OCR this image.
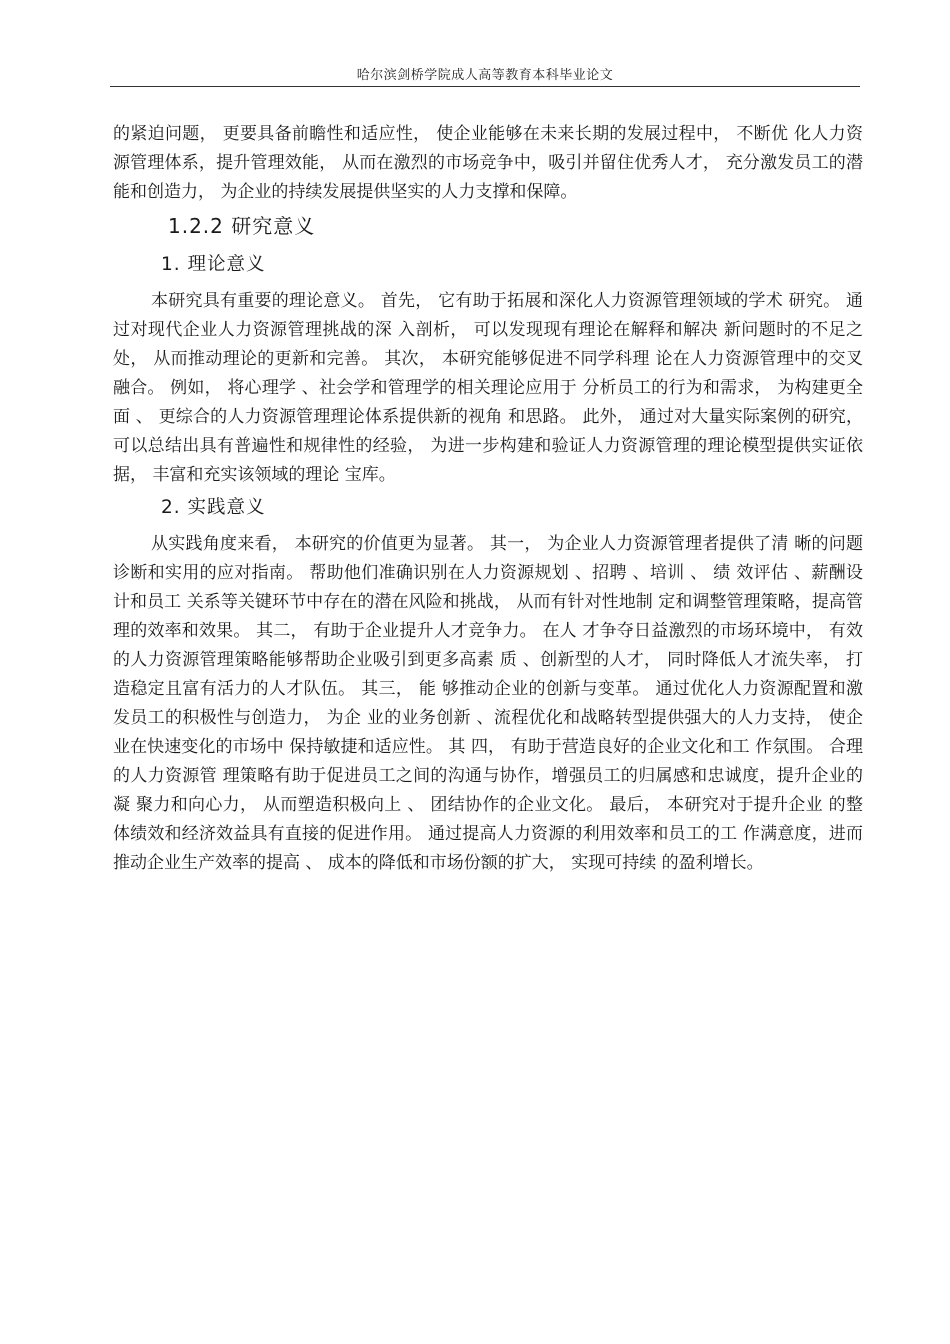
哈尔滨剑桥学院成人高等教育本科毕业论文

的紧迫问题， 更要具备前瞻性和适应性， 使企业能够在未来长期的发展过程中， 不断优 化人力资源管理体系，提升管理效能， 从而在激烈的市场竞争中，吸引并留住优秀人才， 充分激发员工的潜能和创造力， 为企业的持续发展提供坚实的人力支撑和保障。

1.2.2 研究意义
1. 理论意义

本研究具有重要的理论意义。 首先， 它有助于拓展和深化人力资源管理领域的学术 研究。 通过对现代企业人力资源管理挑战的深 入剖析， 可以发现现有理论在解释和解决 新问题时的不足之处， 从而推动理论的更新和完善。 其次， 本研究能够促进不同学科理 论在人力资源管理中的交叉融合。 例如， 将心理学 、社会学和管理学的相关理论应用于 分析员工的行为和需求， 为构建更全面 、 更综合的人力资源管理理论体系提供新的视角 和思路。 此外， 通过对大量实际案例的研究， 可以总结出具有普遍性和规律性的经验， 为进一步构建和验证人力资源管理的理论模型提供实证依据， 丰富和充实该领域的理论 宝库。

2. 实践意义

从实践角度来看， 本研究的价值更为显著。 其一， 为企业人力资源管理者提供了清 晰的问题诊断和实用的应对指南。 帮助他们准确识别在人力资源规划 、招聘 、培训 、 绩 效评估 、薪酬设计和员工 关系等关键环节中存在的潜在风险和挑战， 从而有针对性地制 定和调整管理策略，提高管理的效率和效果。 其二， 有助于企业提升人才竞争力。 在人 才争夺日益激烈的市场环境中， 有效的人力资源管理策略能够帮助企业吸引到更多高素 质 、创新型的人才， 同时降低人才流失率， 打造稳定且富有活力的人才队伍。 其三， 能 够推动企业的创新与变革。 通过优化人力资源配置和激发员工的积极性与创造力， 为企 业的业务创新 、流程优化和战略转型提供强大的人力支持， 使企业在快速变化的市场中 保持敏捷和适应性。 其 四， 有助于营造良好的企业文化和工 作氛围。 合理的人力资源管 理策略有助于促进员工之间的沟通与协作，增强员工的归属感和忠诚度，提升企业的凝 聚力和向心力， 从而塑造积极向上 、 团结协作的企业文化。 最后， 本研究对于提升企业 的整体绩效和经济效益具有直接的促进作用。 通过提高人力资源的利用效率和员工的工 作满意度，进而推动企业生产效率的提高 、 成本的降低和市场份额的扩大， 实现可持续 的盈利增长。
